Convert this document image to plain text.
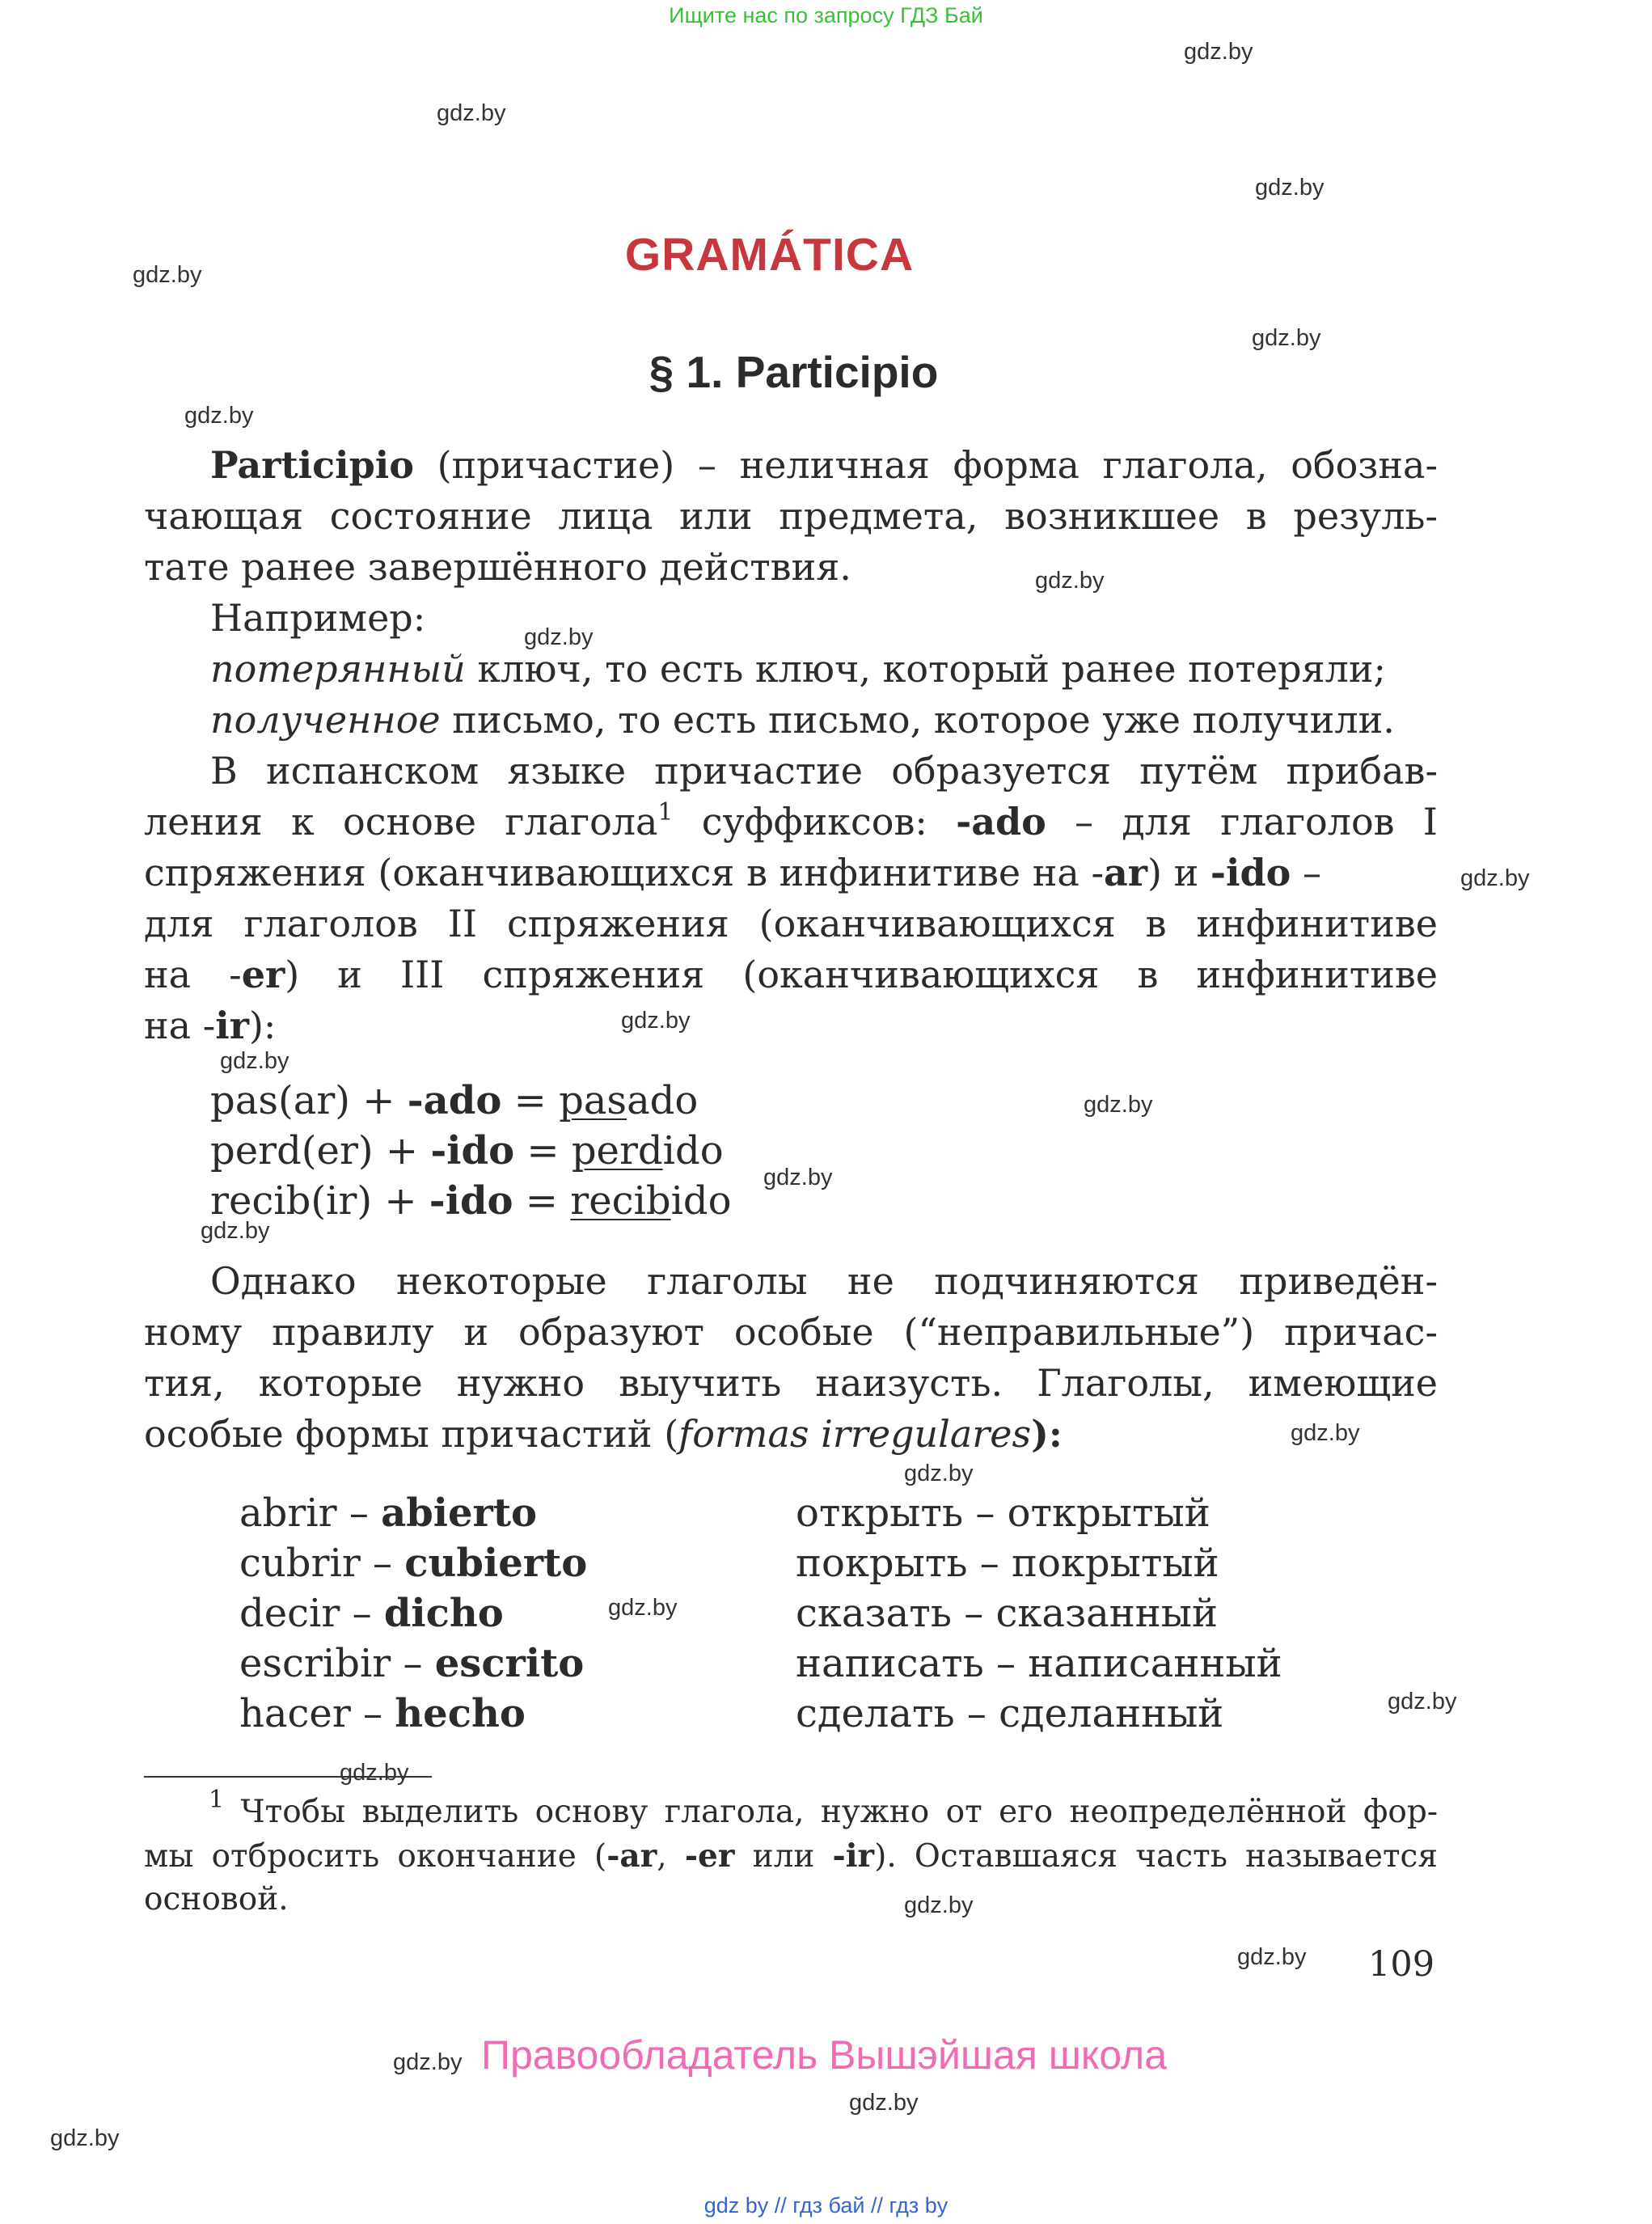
Ищите нас по запросу ГДЗ Бай
gdz.by
gdz.by
gdz.by
gdz.by
gdz.by
gdz.by
gdz.by
gdz.by
gdz.by
gdz.by
gdz.by
gdz.by
gdz.by
gdz.by
gdz.by
gdz.by
gdz.by
gdz.by
gdz.by
gdz.by
gdz.by
gdz.by
gdz.by
gdz.by
GRAMÁTICA
§ 1. Participio
Participio (причастие) – неличная форма глагола, обозна-
чающая состояние лица или предмета, возникшее в резуль-
тате ранее завершённого действия.
Например:
потерянный ключ, то есть ключ, который ранее потеряли;
полученное письмо, то есть письмо, которое уже получили.
В испанском языке причастие образуется путём прибав-
ления к основе глагола$^1$ суффиксов: -ado – для глаголов I
спряжения (оканчивающихся в инфинитиве на -ar) и -ido –
для глаголов II спряжения (оканчивающихся в инфинитиве
на -er) и III спряжения (оканчивающихся в инфинитиве
на -ir):
pas(ar) + -ado = pasado
perd(er) + -ido = perdido
recib(ir) + -ido = recibido
Однако некоторые глаголы не подчиняются приведён-
ному правилу и образуют особые (“неправильные”) причас-
тия, которые нужно выучить наизусть. Глаголы, имеющие
особые формы причастий (formas irregulares):
abrir – abierto	открыть – открытый
cubrir – cubierto	покрыть – покрытый
decir – dicho	сказать – сказанный
escribir – escrito	написать – написанный
hacer – hecho	сделать – сделанный
$^1$ Чтобы выделить основу глагола, нужно от его неопределённой фор-
мы отбросить окончание (-ar, -er или -ir). Оставшаяся часть называется
основой.
109
Правообладатель Вышэйшая школа
gdz by // гдз бай // гдз by
